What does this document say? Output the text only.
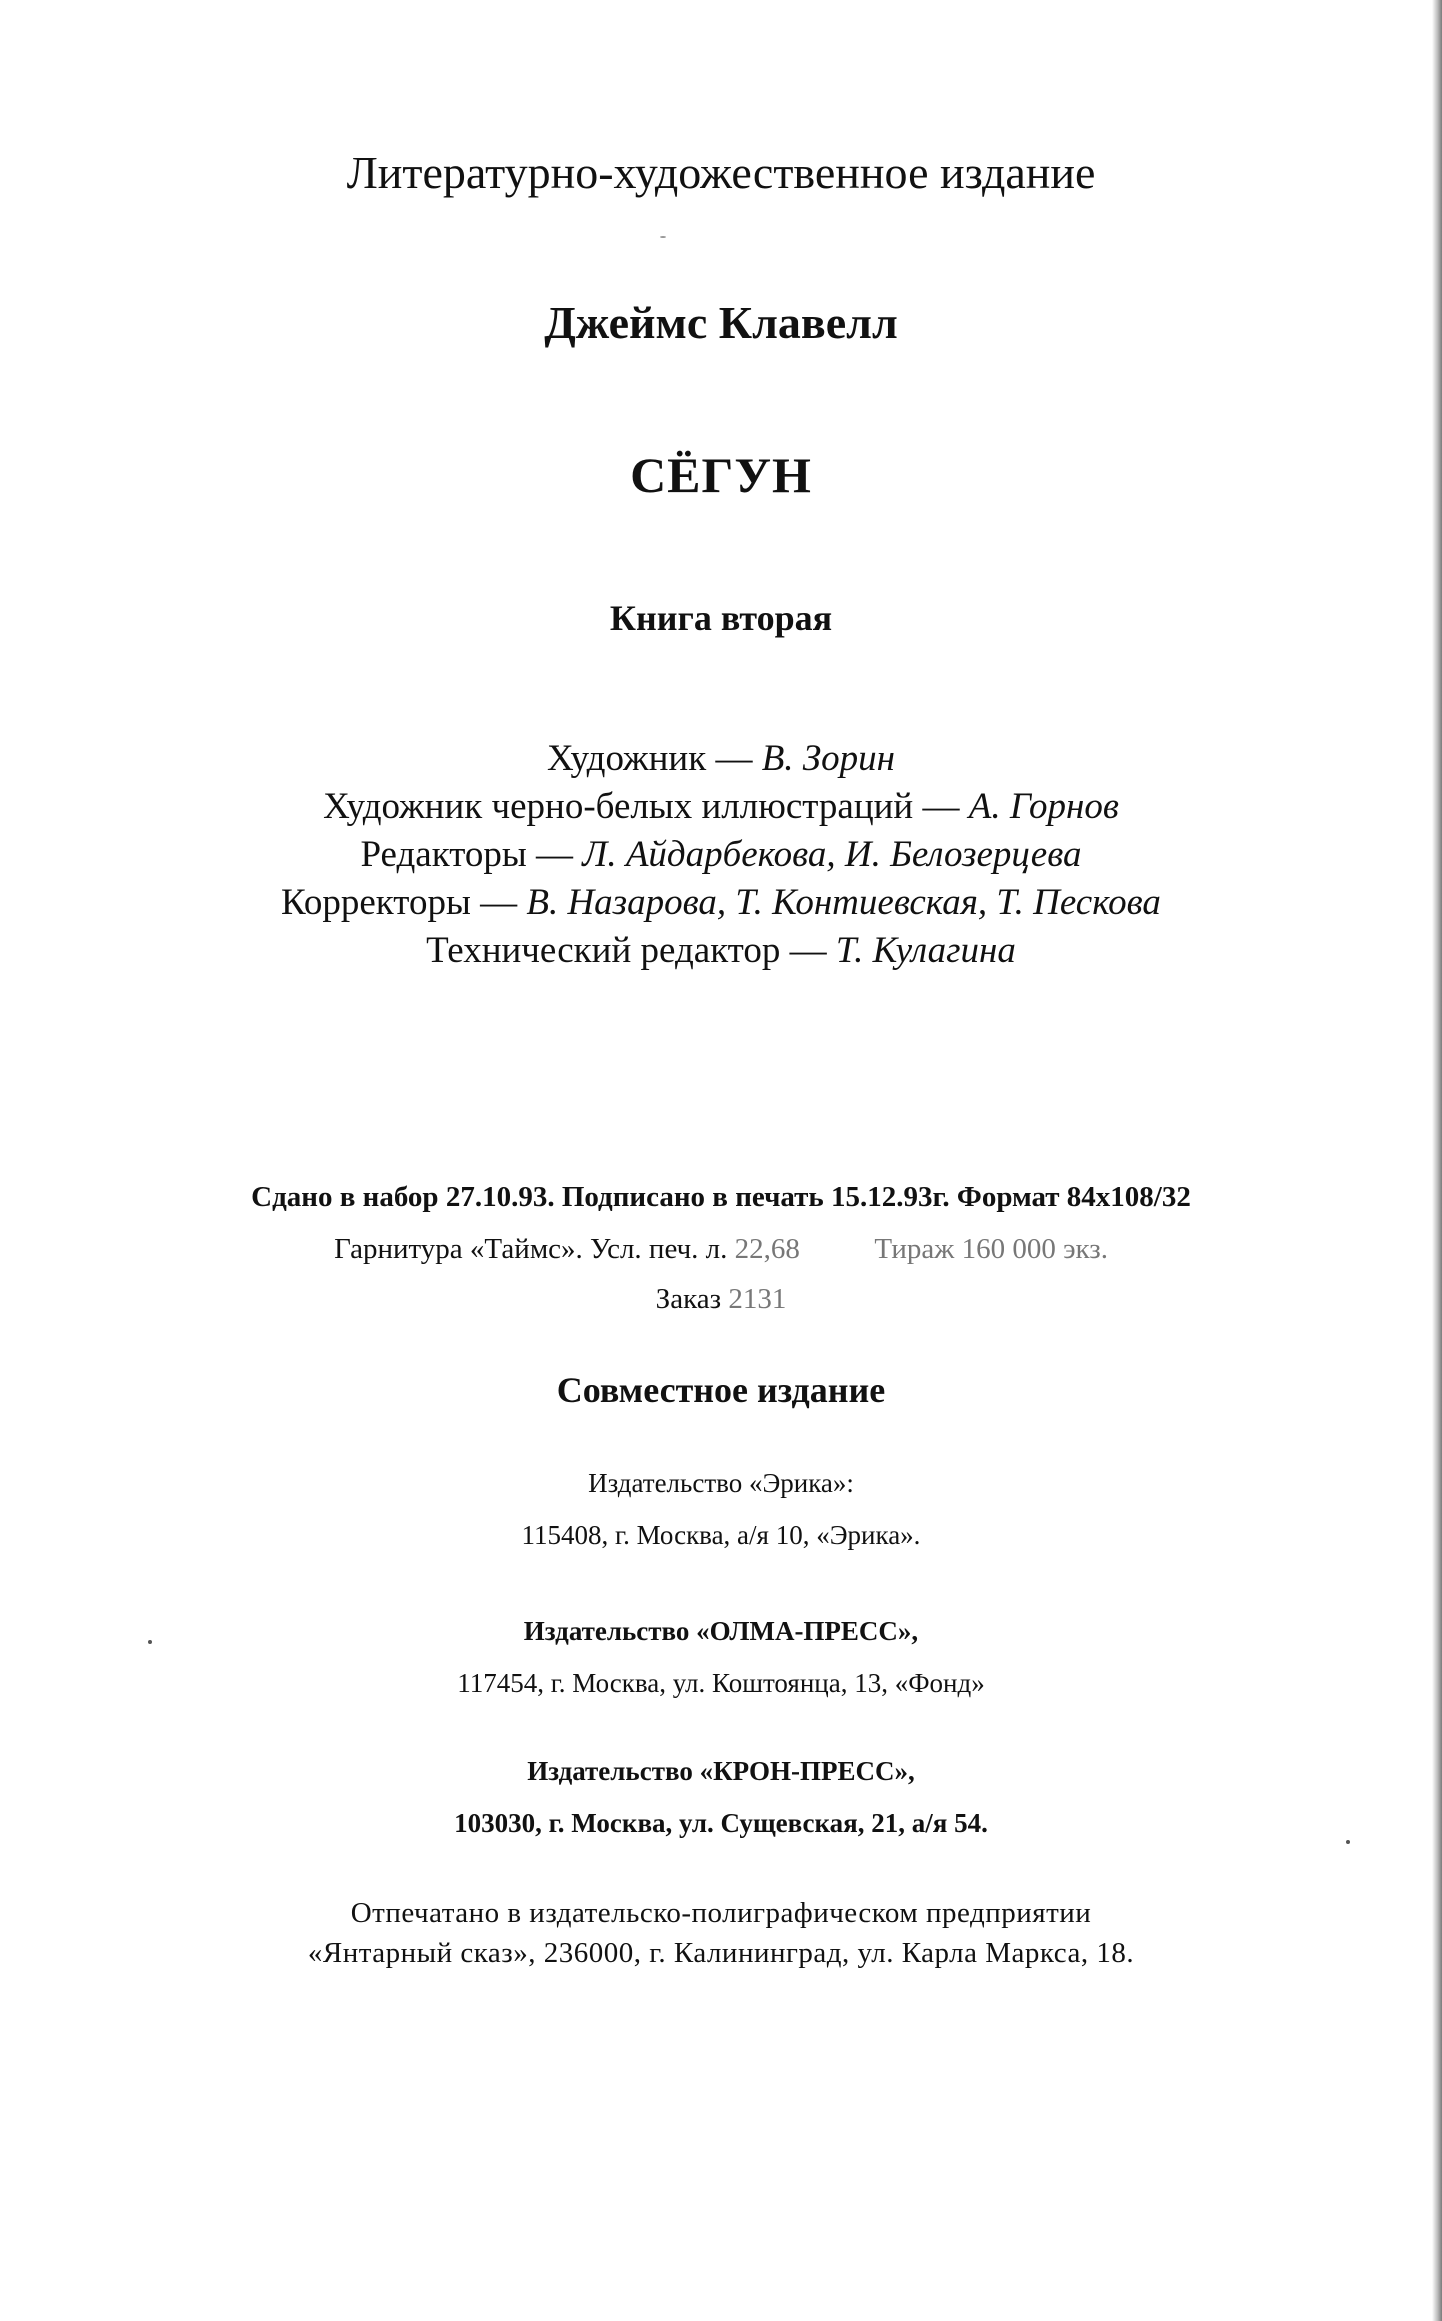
Литературно-художественное издание
Джеймс Клавелл
СЁГУН
Книга вторая
Художник — В. Зорин
Художник черно-белых иллюстраций — А. Горнов
Редакторы — Л. Айдарбекова, И. Белозерцева
Корректоры — В. Назарова, Т. Контиевская, Т. Пескова
Технический редактор — Т. Кулагина
Сдано в набор 27.10.93. Подписано в печать 15.12.93г. Формат 84х108/32
Гарнитура «Таймс». Усл. печ. л. 22,68	Тираж 160 000 экз.
Заказ 2131
Совместное издание
Издательство «Эрика»:
115408, г. Москва, а/я 10, «Эрика».
Издательство «ОЛМА-ПРЕСС»,
117454, г. Москва, ул. Коштоянца, 13, «Фонд»
Издательство «КРОН-ПРЕСС»,
103030, г. Москва, ул. Сущевская, 21, а/я 54.
Отпечатано в издательско-полиграфическом предприятии
«Янтарный сказ», 236000, г. Калининград, ул. Карла Маркса, 18.
